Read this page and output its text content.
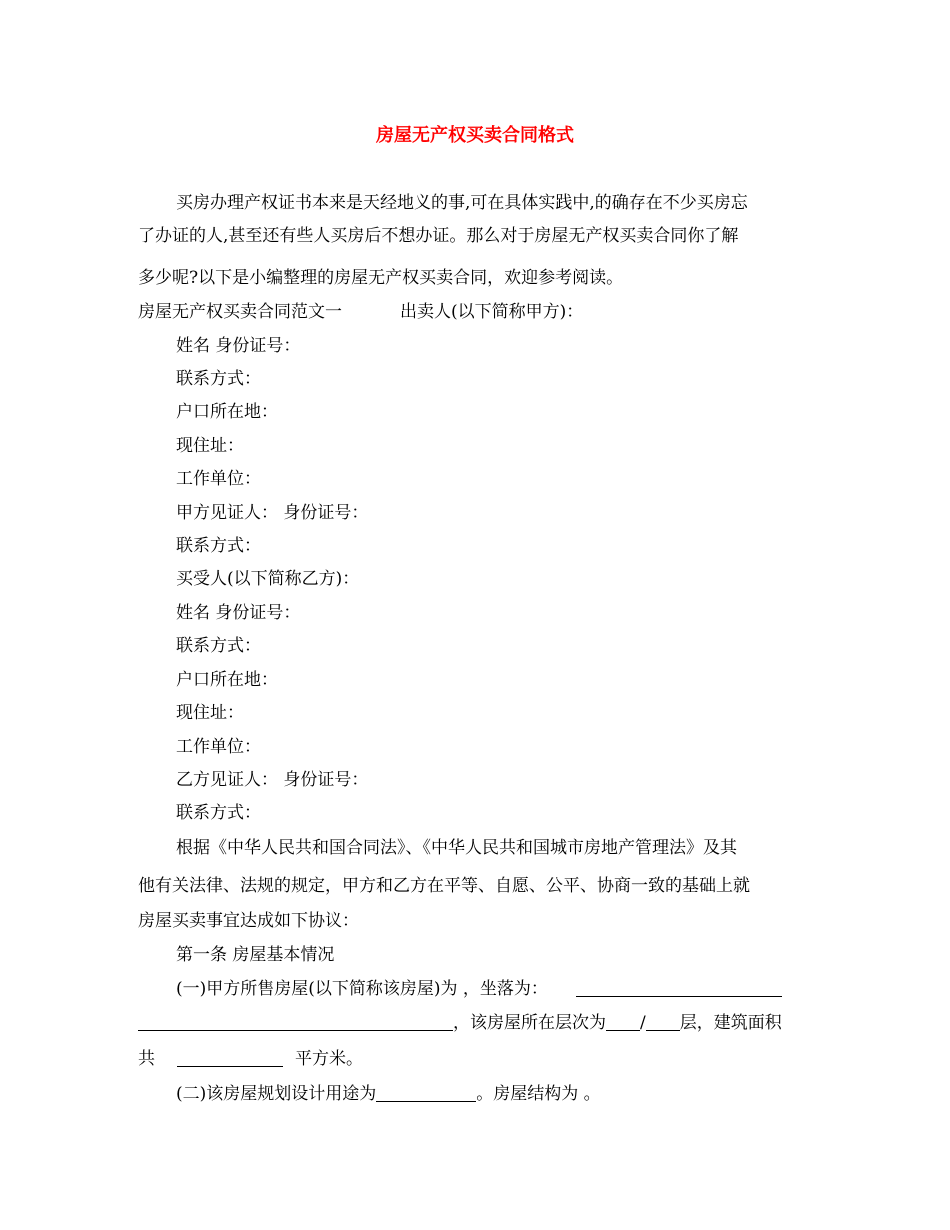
房屋无产权买卖合同格式
买房办理产权证书本来是天经地义的事,可在具体实践中,的确存在不少买房忘
了办证的人,甚至还有些人买房后不想办证。那么对于房屋无产权买卖合同你了解
多少呢?以下是小编整理的房屋无产权买卖合同，欢迎参考阅读。
房屋无产权买卖合同范文一	出卖人(以下简称甲方)：
姓名 身份证号：
联系方式：
户口所在地：
现住址：
工作单位：
甲方见证人： 身份证号：
联系方式：
买受人(以下简称乙方)：
姓名 身份证号：
联系方式：
户口所在地：
现住址：
工作单位：
乙方见证人： 身份证号：
联系方式：
根据《中华人民共和国合同法》、《中华人民共和国城市房地产管理法》及其
他有关法律、法规的规定，甲方和乙方在平等、自愿、公平、协商一致的基础上就
房屋买卖事宜达成如下协议：
第一条 房屋基本情况
(一)甲方所售房屋(以下简称该房屋)为 ，坐落为：
，该房屋所在层次为 / 层，建筑面积
共	平方米。
(二)该房屋规划设计用途为	。房屋结构为 。
